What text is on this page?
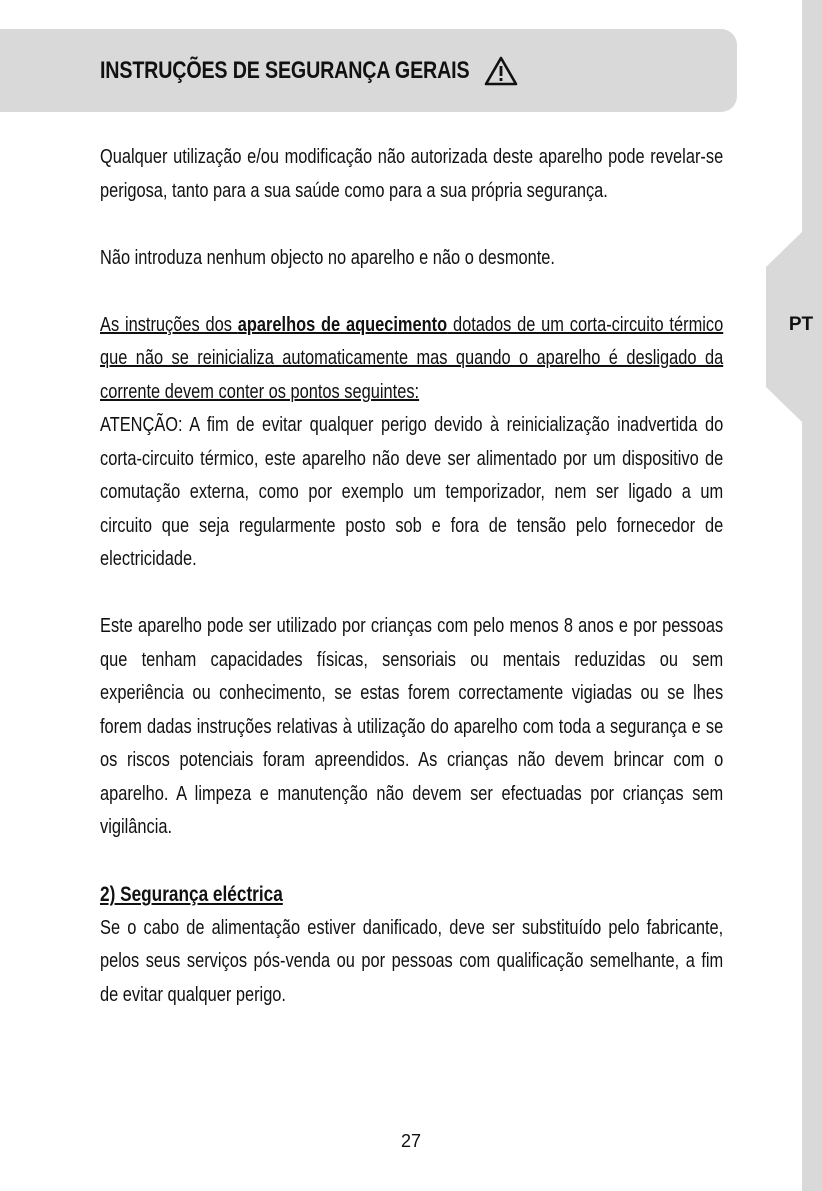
PT
INSTRUÇÕES DE SEGURANÇA GERAIS

Qualquer utilização e/ou modificação não autorizada deste aparelho pode revelar-se perigosa, tanto para a sua saúde como para a sua própria segurança.

Não introduza nenhum objecto no aparelho e não o desmonte.

As instruções dos aparelhos de aquecimento dotados de um corta-circuito térmico que não se reinicializa automaticamente mas quando o aparelho é desligado da corrente devem conter os pontos seguintes:

ATENÇÃO: A fim de evitar qualquer perigo devido à reinicialização inadvertida do corta-circuito térmico, este aparelho não deve ser alimentado por um dispositivo de comutação externa, como por exemplo um temporizador, nem ser ligado a um circuito que seja regularmente posto sob e fora de tensão pelo fornecedor de electricidade.

Este aparelho pode ser utilizado por crianças com pelo menos 8 anos e por pessoas que tenham capacidades físicas, sensoriais ou mentais reduzidas ou sem experiência ou conhecimento, se estas forem correctamente vigiadas ou se lhes forem dadas instruções relativas à utilização do aparelho com toda a segurança e se os riscos potenciais foram apreendidos. As crianças não devem brincar com o aparelho. A limpeza e manutenção não devem ser efectuadas por crianças sem vigilância.

2) Segurança eléctrica

Se o cabo de alimentação estiver danificado, deve ser substituído pelo fabricante, pelos seus serviços pós-venda ou por pessoas com qualificação semelhante, a fim de evitar qualquer perigo.

27
